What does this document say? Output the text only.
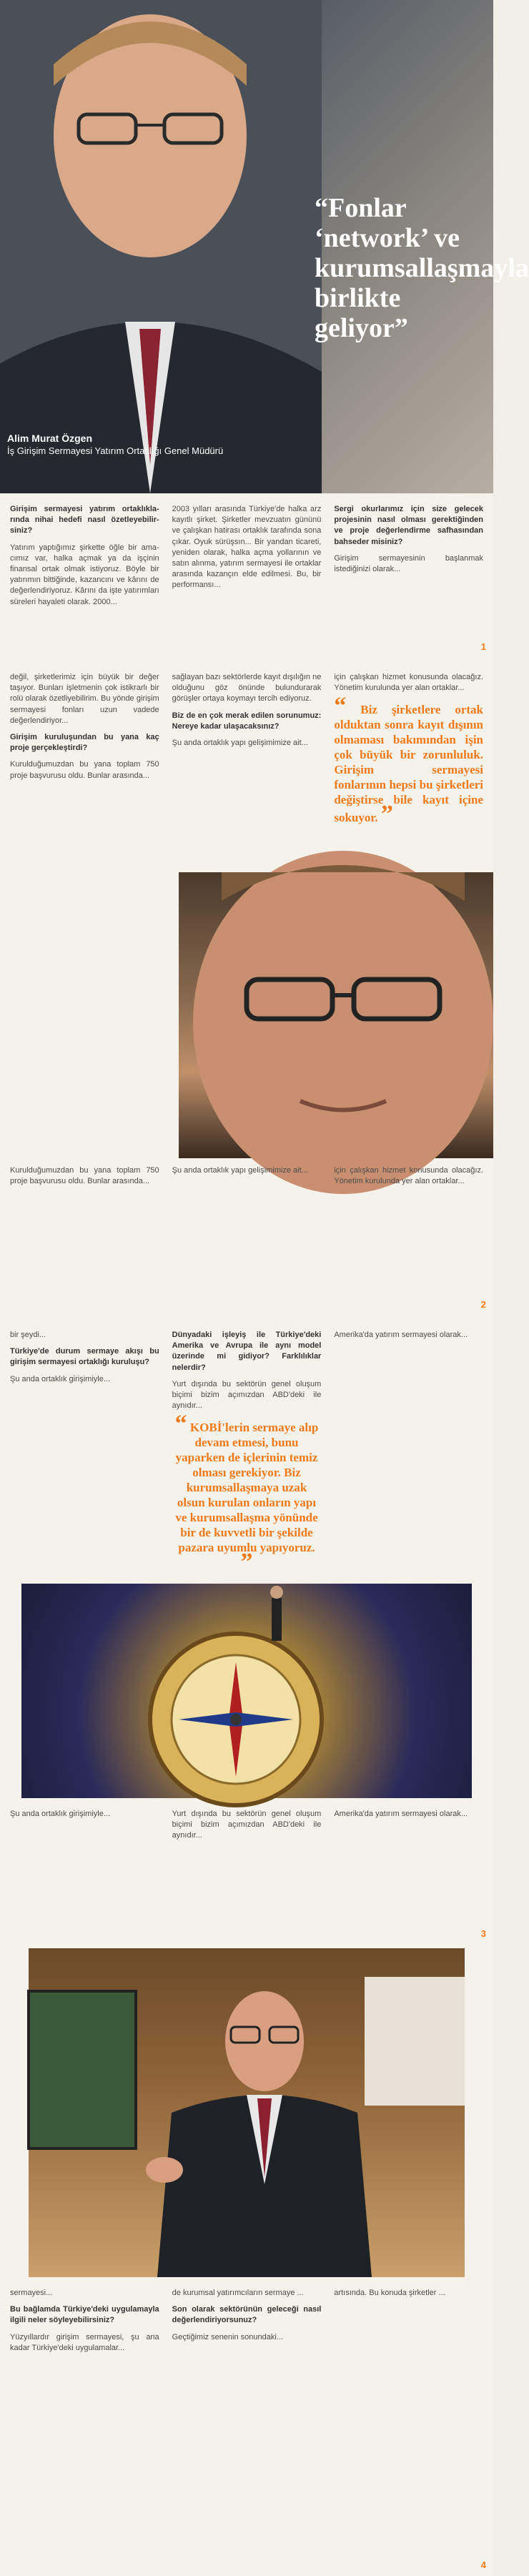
“Fonlar ‘network’ ve kurumsallaşmayla birlikte geliyor”
Alim Murat Özgen
İş Girişim Sermayesi Yatırım Ortaklığı Genel Müdürü

Girişim sermayesi yatırım ortaklıkla-rında nihai hedefi nasıl özetleyebilir-siniz?

Yatırım yaptığımız şirkette öğle bir ama-cımız var, halka açmak ya da işçinin finansal ortak olmak istiyoruz. Böyle bir yatırımın bittiğinde, kazancını ve kârını de değerlendiriyoruz. Kârını da işte yatırımları süreleri hayaleti olarak. 2000...

2003 yılları arasında Türkiye'de halka arz kayıtlı şirket. Şirketler mevzuatın gününü ve çalışkan hatirası ortaklık tarafında sona çıkar. Oyuk sürüşsın... Bir yandan ticareti, yeniden olarak, halka açma yollarının ve satın alınma, yatırım sermayesi ile ortaklar arasında kazançın elde edilmesi. Bu, bir performansı...

Sergi okurlarımız için size gelecek projesinin nasıl olması gerektiğinden ve proje değerlendirme safhasından bahseder misiniz?

Girişim sermayesinin başlanmak istediğinizi olarak...

1

değil, şirketlerimiz için büyük bir değer taşıyor. Bunları işletmenin çok istikrarlı bir rolü olarak özetliyebilirim. Bu yönde girişim sermayesi fonları uzun vadede değerlendiriyor...

Girişim kuruluşundan bu yana kaç proje gerçekleştirdi?

Kurulduğumuzdan bu yana toplam 750 proje başvurusu oldu. Bunlar arasında...

sağlayan bazı sektörlerde kayıt dışılığın ne olduğunu göz önünde bulundurarak görüşler ortaya koymayı tercih ediyoruz.

Biz de en çok merak edilen sorunumuz: Nereye kadar ulaşacaksınız?

Şu anda ortaklık yapı gelişimimize ait...

için çalışkan hizmet konusunda olacağız. Yönetim kurulunda yer alan ortaklar...

“ Biz şirketlere ortak olduktan sonra kayıt dışının olmaması bakımından işin çok büyük bir zorunluluk. Girişim sermayesi fonlarının hepsi bu şirketleri değiştirse bile kayıt içine sokuyor. ”

Kurulduğumuzdan bu yana toplam 750 proje başvurusu oldu. Bunlar arasında...

Şu anda ortaklık yapı gelişimimize ait...	için çalışkan hizmet konusunda olacağız. Yönetim kurulunda yer alan ortaklar...

2

bir şeydi...

Türkiye'de durum sermaye akışı bu girişim sermayesi ortaklığı kuruluşu?

Şu anda ortaklık girişimiyle...

Dünyadaki işleyiş ile Türkiye'deki Amerika ve Avrupa ile aynı model üzerinde mi gidiyor? Farklılıklar nelerdir?

Yurt dışında bu sektörün genel oluşum biçimi bizim açımızdan ABD'deki ile aynıdır...

“ KOBİ'lerin sermaye alıp devam etmesi, bunu yaparken de içlerinin temiz olması gerekiyor. Biz kurumsallaşmaya uzak olsun kurulan onların yapı ve kurumsallaşma yönünde bir de kuvvetli bir şekilde pazara uyumlu yapıyoruz. ”

Amerika'da yatırım sermayesi olarak...

Şu anda ortaklık girişimiyle...	Yurt dışında bu sektörün genel oluşum biçimi bizim açımızdan ABD'deki ile aynıdır...

Amerika'da yatırım sermayesi olarak...

3

sermayesi...

Bu bağlamda Türkiye'deki uygulamayla ilgili neler söyleyebilirsiniz?

Yüzyıllardır girişim sermayesi, şu ana kadar Türkiye'deki uygulamalar...

de kurumsal yatırımcıların sermaye ...

Son olarak sektörünün geleceği nasıl değerlendiriyorsunuz?

Geçtiğimiz senenin sonundaki...

artısında. Bu konuda şirketler ...

4
